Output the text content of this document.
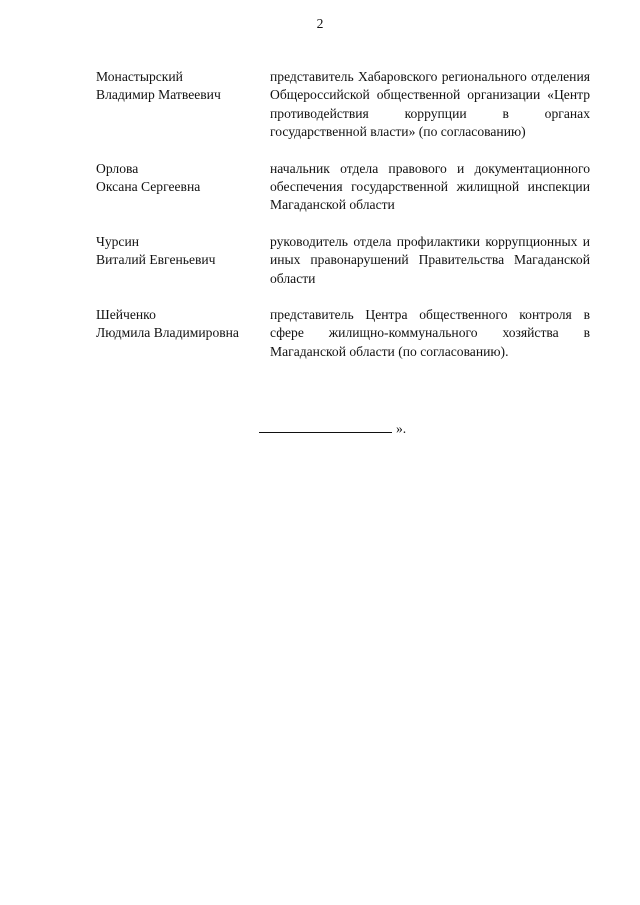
2
Монастырский
Владимир Матвеевич
представитель Хабаровского регионального отделения Общероссийской общественной организации «Центр противодействия коррупции в органах государственной власти» (по согласованию)
Орлова
Оксана Сергеевна
начальник отдела правового и документационного обеспечения государственной жилищной инспекции Магаданской области
Чурсин
Виталий Евгеньевич
руководитель отдела профилактики коррупционных и иных правонарушений Правительства Магаданской области
Шейченко
Людмила Владимировна
представитель Центра общественного контроля в сфере жилищно-коммунального хозяйства в Магаданской области (по согласованию).
».
